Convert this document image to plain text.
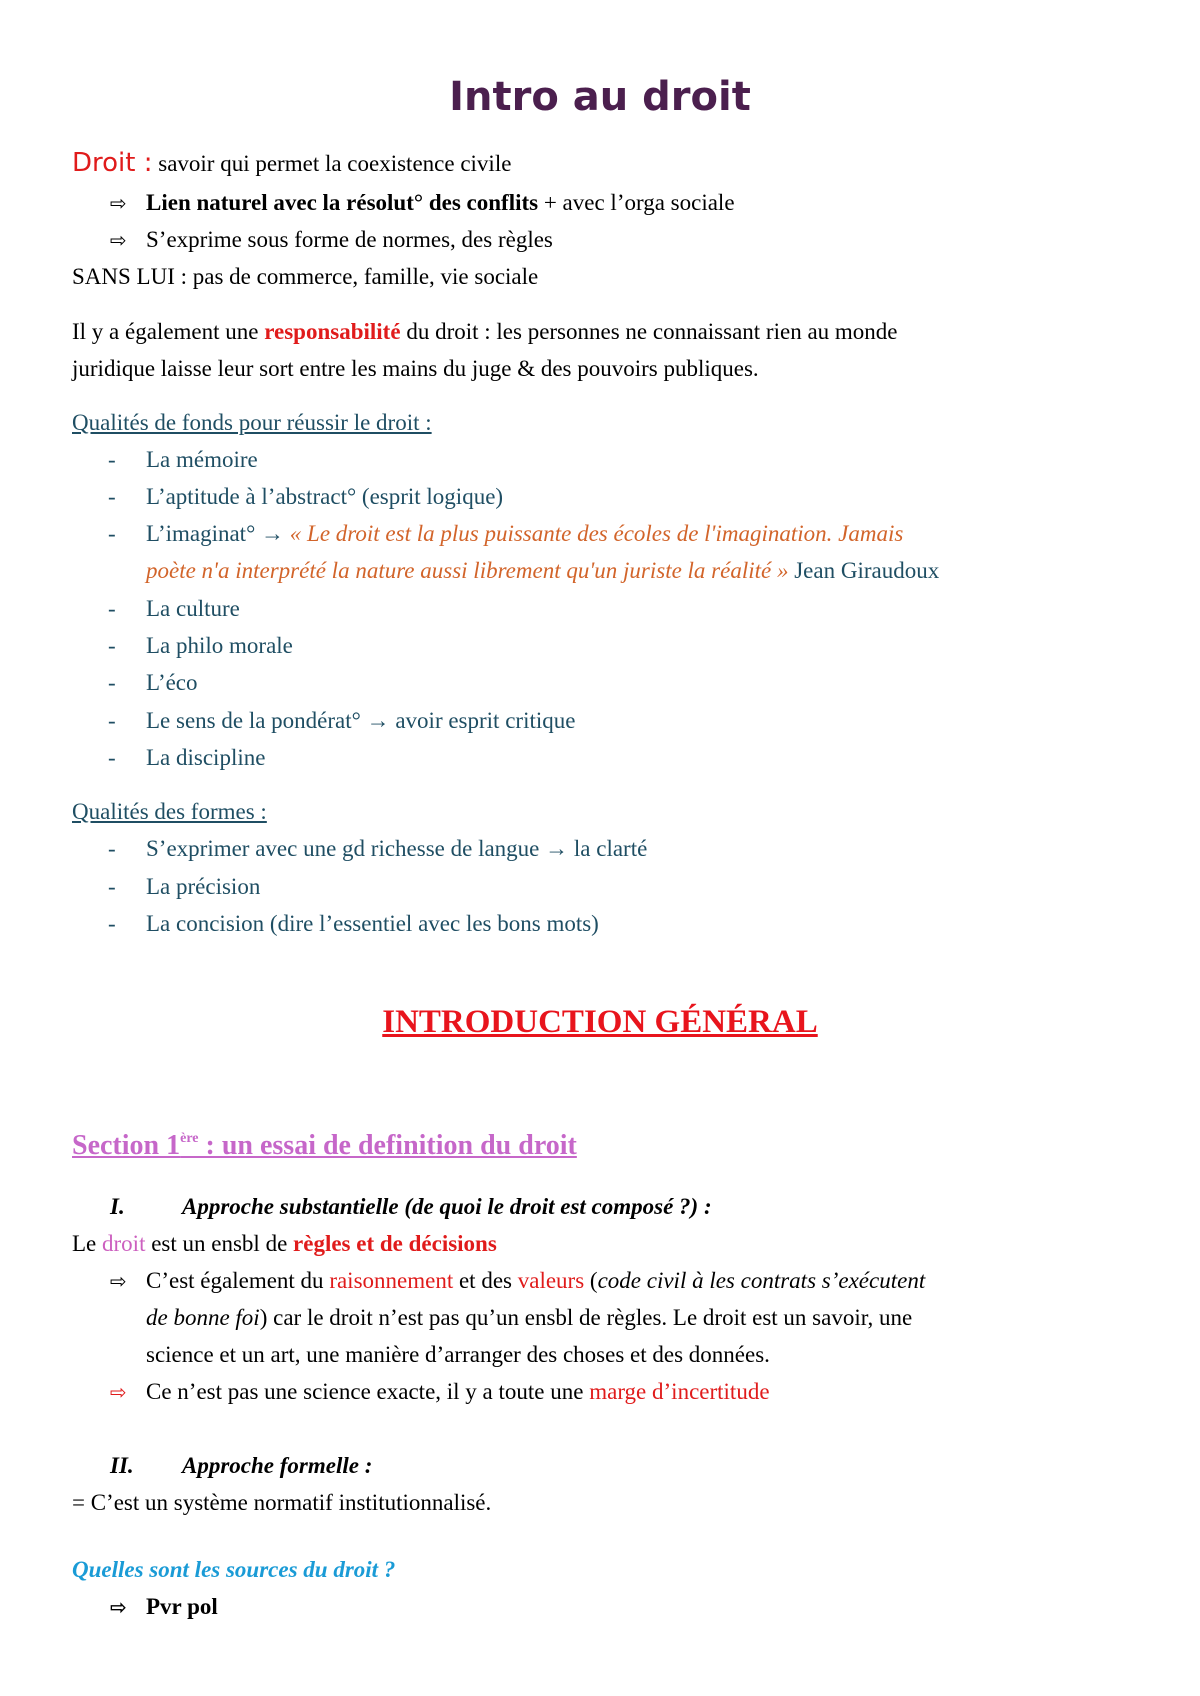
Intro au droit
Droit : savoir qui permet la coexistence civile
⇨ Lien naturel avec la résolut° des conflits + avec l’orga sociale
⇨ S’exprime sous forme de normes, des règles
SANS LUI : pas de commerce, famille, vie sociale
Il y a également une responsabilité du droit : les personnes ne connaissant rien au monde
juridique laisse leur sort entre les mains du juge & des pouvoirs publiques.
Qualités de fonds pour réussir le droit :
- La mémoire
- L’aptitude à l’abstract° (esprit logique)
- L’imaginat° → « Le droit est la plus puissante des écoles de l'imagination. Jamais
poète n'a interprété la nature aussi librement qu'un juriste la réalité » Jean Giraudoux
- La culture
- La philo morale
- L’éco
- Le sens de la pondérat° → avoir esprit critique
- La discipline
Qualités des formes :
- S’exprimer avec une gd richesse de langue → la clarté
- La précision
- La concision (dire l’essentiel avec les bons mots)
INTRODUCTION GÉNÉRAL
Section 1ère : un essai de definition du droit
I. Approche substantielle (de quoi le droit est composé ?) :
Le droit est un ensbl de règles et de décisions
⇨ C’est également du raisonnement et des valeurs (code civil à les contrats s’exécutent
de bonne foi) car le droit n’est pas qu’un ensbl de règles. Le droit est un savoir, une
science et un art, une manière d’arranger des choses et des données.
⇨ Ce n’est pas une science exacte, il y a toute une marge d’incertitude
II. Approche formelle :
= C’est un système normatif institutionnalisé.
Quelles sont les sources du droit ?
⇨ Pvr pol
